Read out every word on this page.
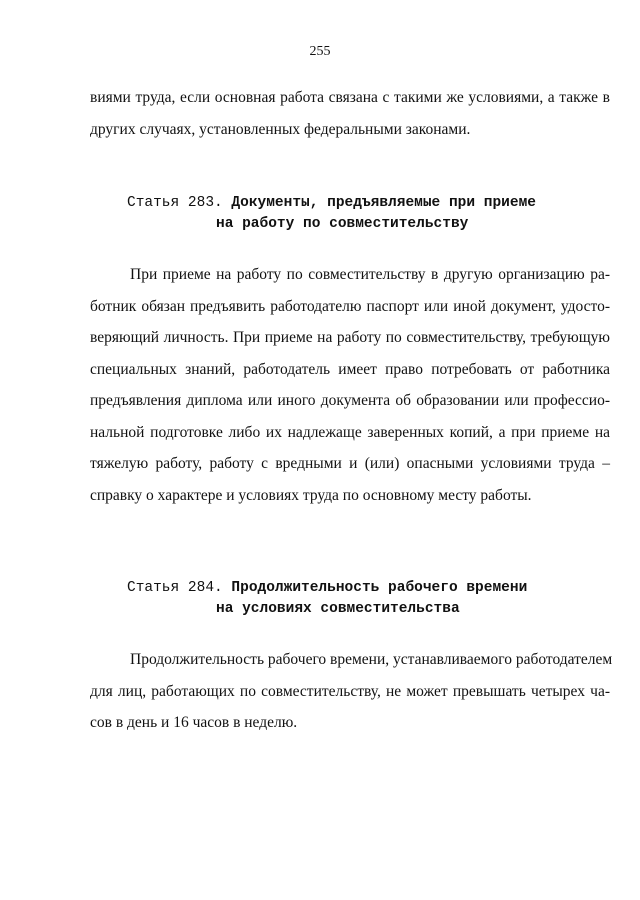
255
виями труда, если основная работа связана с такими же условиями, а также в
других случаях, установленных федеральными законами.
Статья 283. Документы, предъявляемые при приеме
на работу по совместительству
При приеме на работу по совместительству в другую организацию ра-
ботник обязан предъявить работодателю паспорт или иной документ, удосто-
веряющий личность. При приеме на работу по совместительству, требующую
специальных знаний, работодатель имеет право потребовать от работника
предъявления диплома или иного документа об образовании или профессио-
нальной подготовке либо их надлежаще заверенных копий, а при приеме на
тяжелую работу, работу с вредными и (или) опасными условиями труда –
справку о характере и условиях труда по основному месту работы.
Статья 284. Продолжительность рабочего времени
на условиях совместительства
Продолжительность рабочего времени, устанавливаемого работодателем
для лиц, работающих по совместительству, не может превышать четырех ча-
сов в день и 16 часов в неделю.
